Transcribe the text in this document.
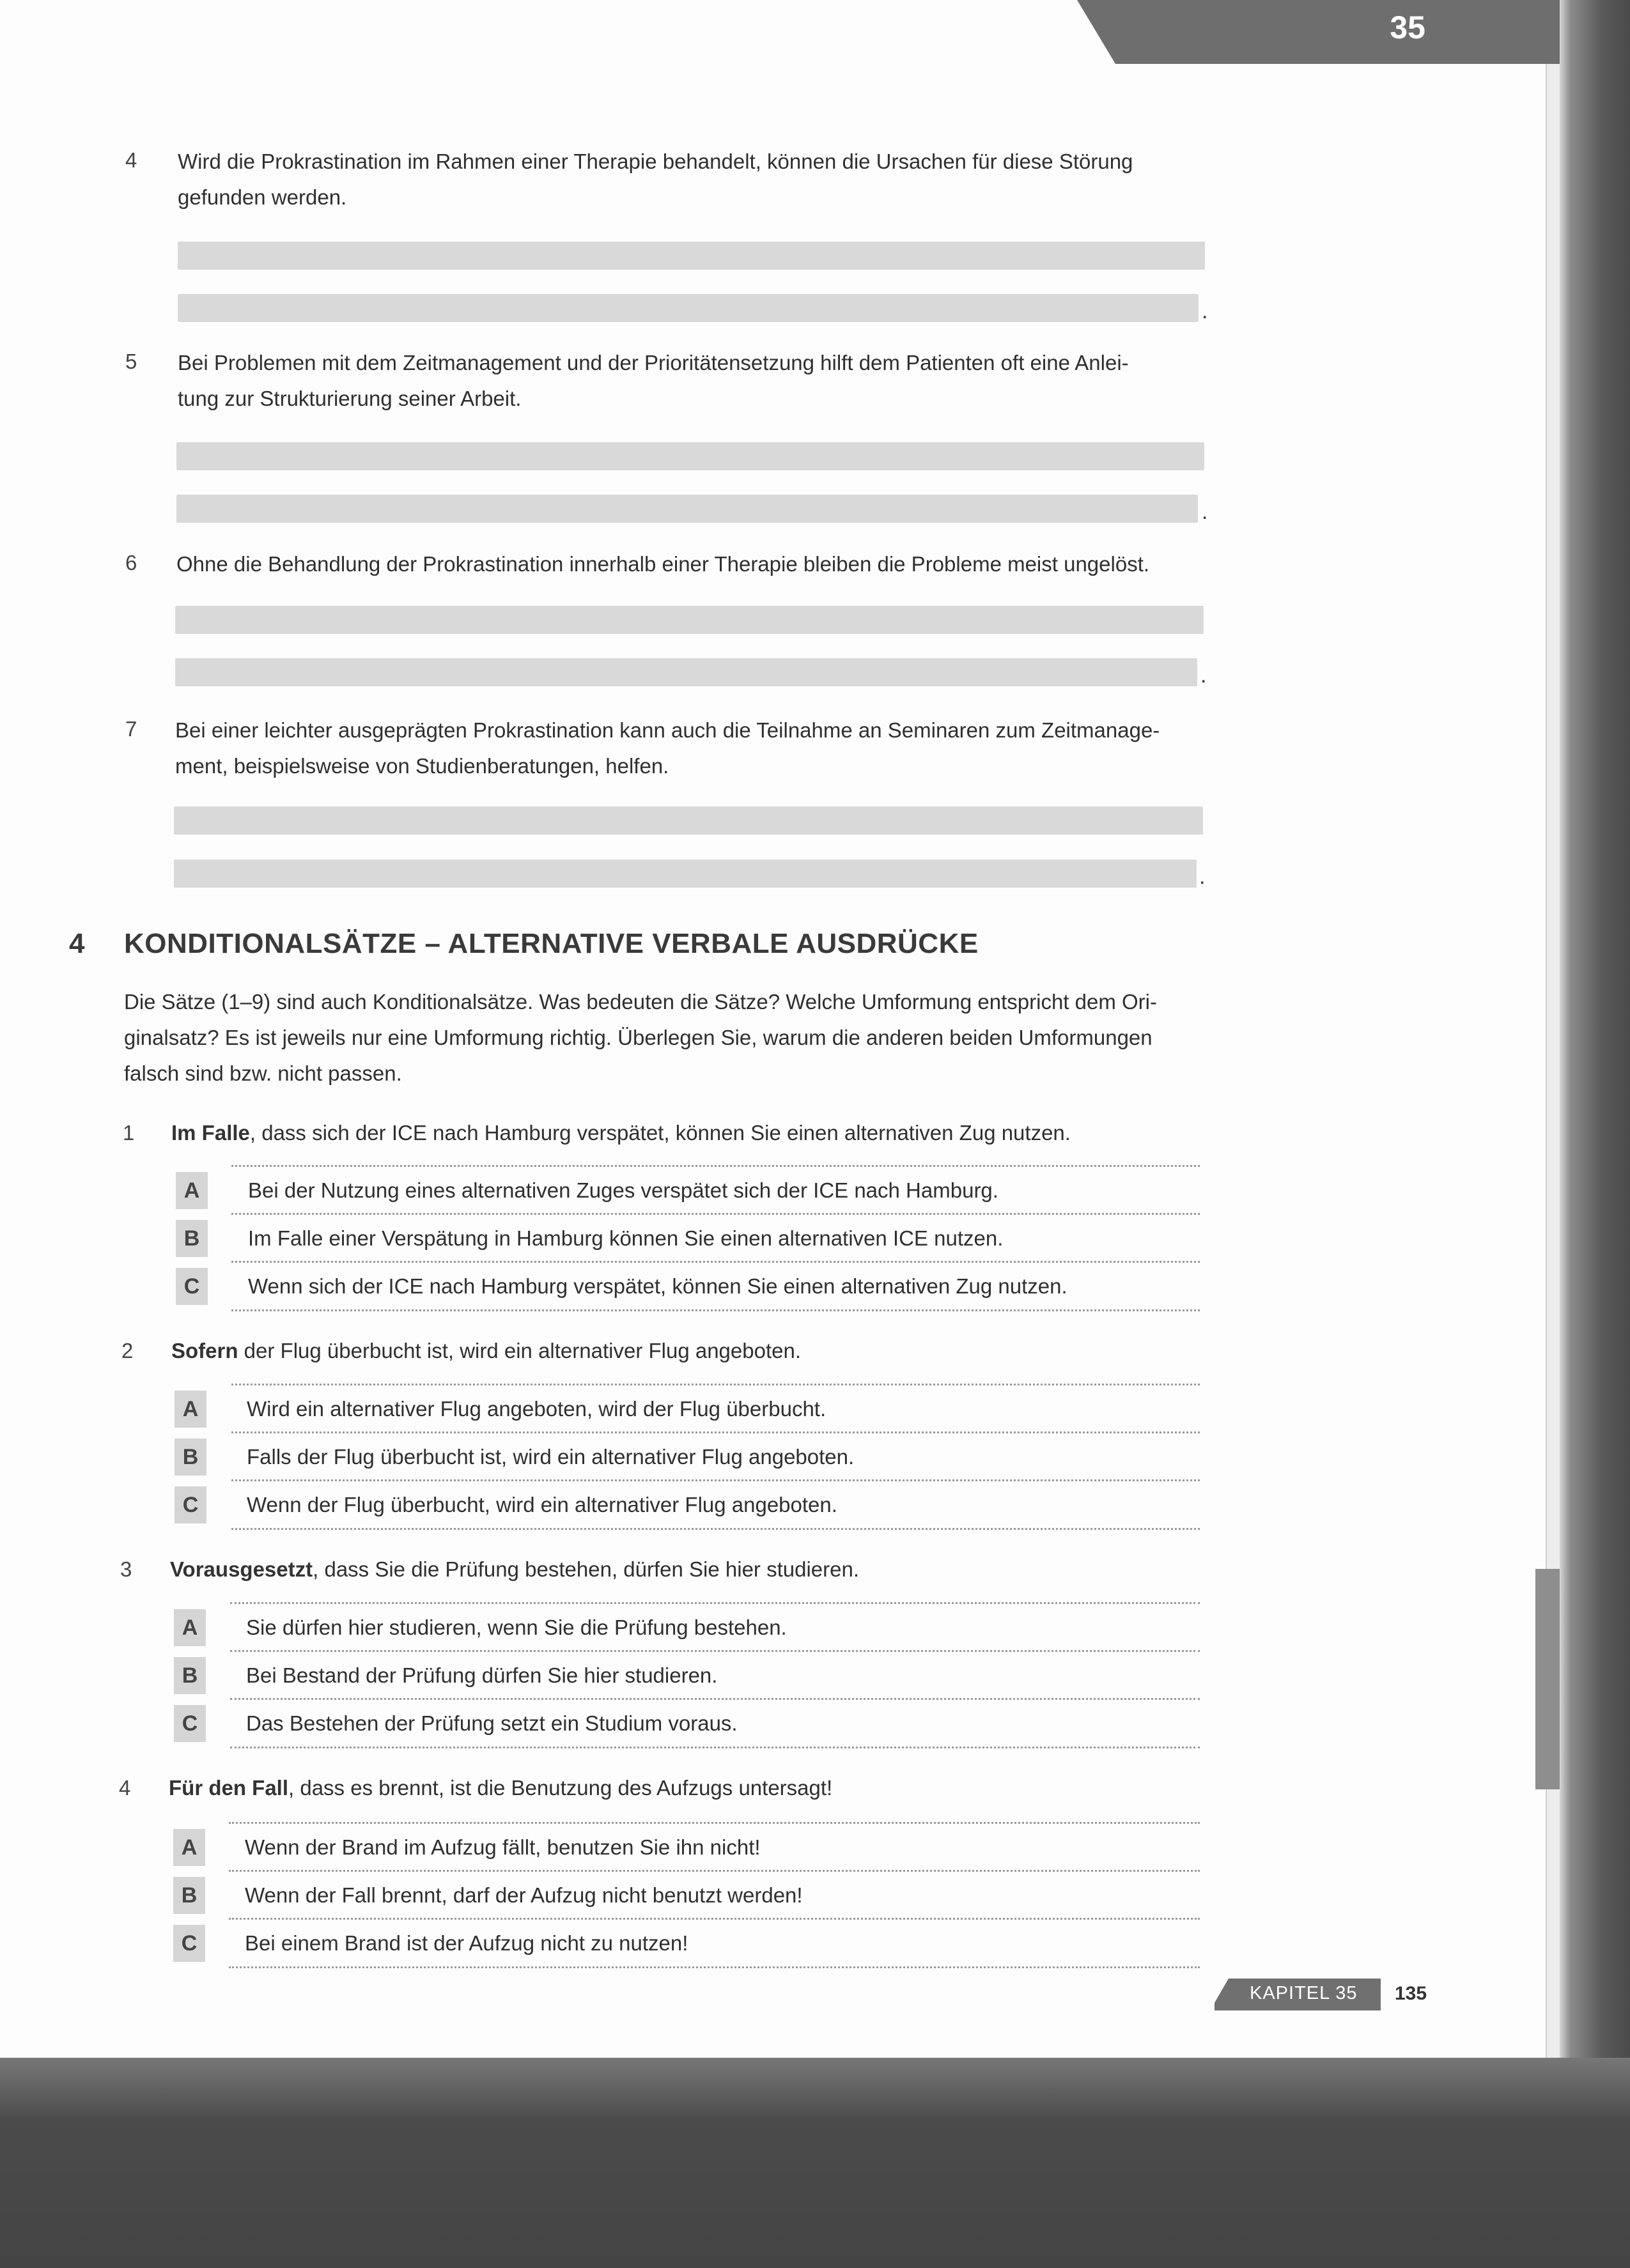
35
4 Wird die Prokrastination im Rahmen einer Therapie behandelt, können die Ursachen für diese Störung
gefunden werden.
.
5 Bei Problemen mit dem Zeitmanagement und der Prioritätensetzung hilft dem Patienten oft eine Anlei-
tung zur Strukturierung seiner Arbeit.
.
6 Ohne die Behandlung der Prokrastination innerhalb einer Therapie bleiben die Probleme meist ungelöst.
.
7 Bei einer leichter ausgeprägten Prokrastination kann auch die Teilnahme an Seminaren zum Zeitmanage-
ment, beispielsweise von Studienberatungen, helfen.
.
4 KONDITIONALSÄTZE – ALTERNATIVE VERBALE AUSDRÜCKE
Die Sätze (1–9) sind auch Konditionalsätze. Was bedeuten die Sätze? Welche Umformung entspricht dem Ori-
ginalsatz? Es ist jeweils nur eine Umformung richtig. Überlegen Sie, warum die anderen beiden Umformungen
falsch sind bzw. nicht passen.
1 Im Falle, dass sich der ICE nach Hamburg verspätet, können Sie einen alternativen Zug nutzen.
A	Bei der Nutzung eines alternativen Zuges verspätet sich der ICE nach Hamburg.
B	Im Falle einer Verspätung in Hamburg können Sie einen alternativen ICE nutzen.
C	Wenn sich der ICE nach Hamburg verspätet, können Sie einen alternativen Zug nutzen.
2 Sofern der Flug überbucht ist, wird ein alternativer Flug angeboten.
A	Wird ein alternativer Flug angeboten, wird der Flug überbucht.
B	Falls der Flug überbucht ist, wird ein alternativer Flug angeboten.
C	Wenn der Flug überbucht, wird ein alternativer Flug angeboten.
3 Vorausgesetzt, dass Sie die Prüfung bestehen, dürfen Sie hier studieren.
A	Sie dürfen hier studieren, wenn Sie die Prüfung bestehen.
B	Bei Bestand der Prüfung dürfen Sie hier studieren.
C	Das Bestehen der Prüfung setzt ein Studium voraus.
4 Für den Fall, dass es brennt, ist die Benutzung des Aufzugs untersagt!
A	Wenn der Brand im Aufzug fällt, benutzen Sie ihn nicht!
B	Wenn der Fall brennt, darf der Aufzug nicht benutzt werden!
C	Bei einem Brand ist der Aufzug nicht zu nutzen!
KAPITEL 35 135
